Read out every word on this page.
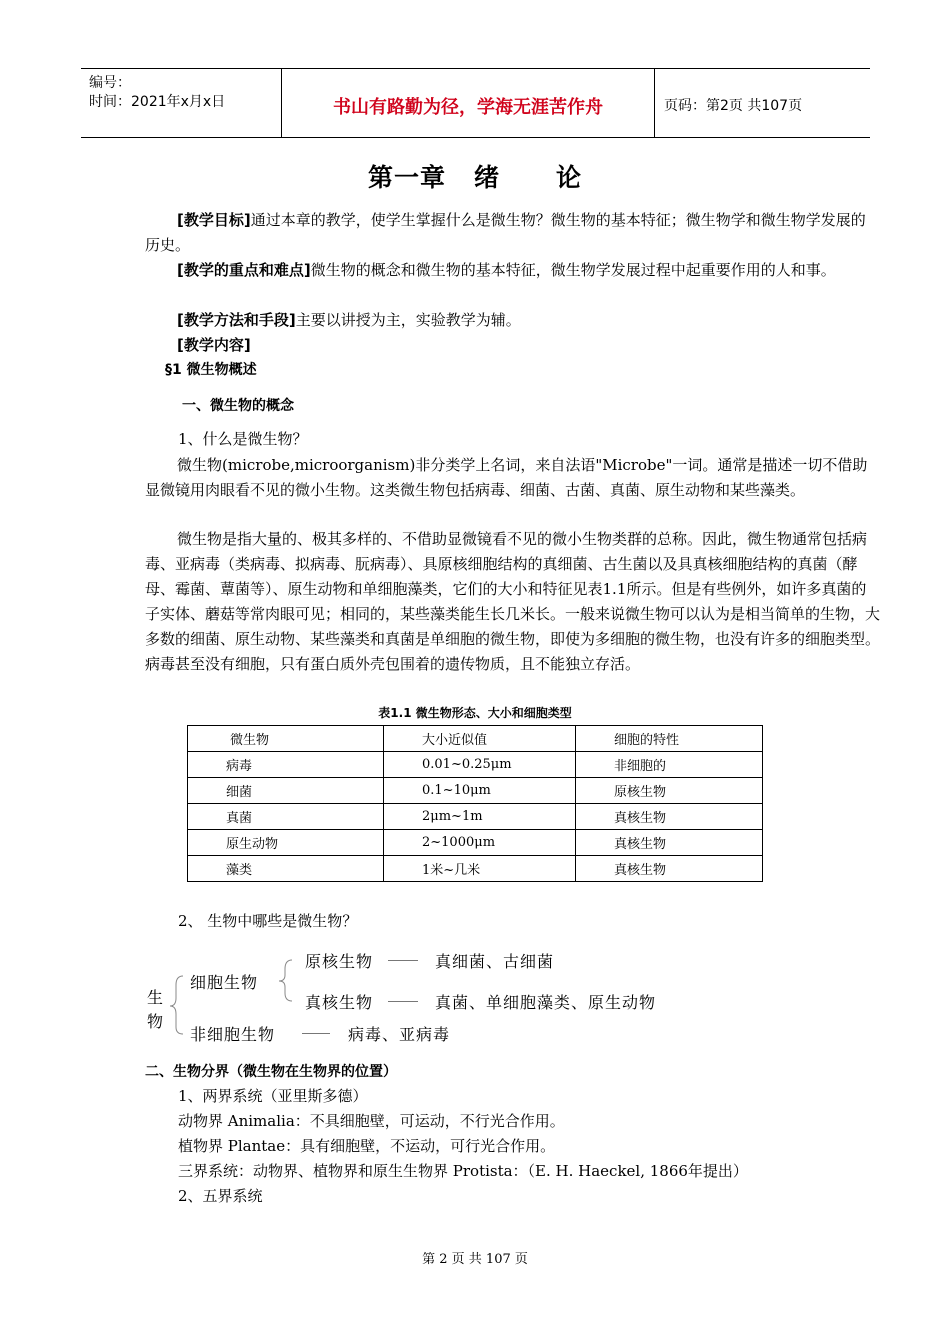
编号：
时间：2021年x月x日	书山有路勤为径，学海无涯苦作舟	页码：第2页 共107页
第一章 绪 论
[教学目标]通过本章的教学，使学生掌握什么是微生物？微生物的基本特征；微生物学和微生物学发展的历史。
[教学的重点和难点]微生物的概念和微生物的基本特征，微生物学发展过程中起重要作用的人和事。
[教学方法和手段]主要以讲授为主，实验教学为辅。
[教学内容]
§1 微生物概述
一、微生物的概念
1、什么是微生物？
微生物(microbe,microorganism)非分类学上名词，来自法语"Microbe"一词。通常是描述一切不借助显微镜用肉眼看不见的微小生物。这类微生物包括病毒、细菌、古菌、真菌、原生动物和某些藻类。
微生物是指大量的、极其多样的、不借助显微镜看不见的微小生物类群的总称。因此，微生物通常包括病毒、亚病毒（类病毒、拟病毒、朊病毒）、具原核细胞结构的真细菌、古生菌以及具真核细胞结构的真菌（酵母、霉菌、蕈菌等）、原生动物和单细胞藻类，它们的大小和特征见表1.1所示。但是有些例外，如许多真菌的子实体、蘑菇等常肉眼可见；相同的，某些藻类能生长几米长。一般来说微生物可以认为是相当简单的生物，大多数的细菌、原生动物、某些藻类和真菌是单细胞的微生物，即使为多细胞的微生物，也没有许多的细胞类型。病毒甚至没有细胞，只有蛋白质外壳包围着的遗传物质，且不能独立存活。
表1.1 微生物形态、大小和细胞类型
微生物	大小近似值	细胞的特性
病毒	0.01~0.25μm	非细胞的
细菌	0.1~10μm	原核生物
真菌	2μm~1m	真核生物
原生动物	2~1000μm	真核生物
藻类	1米~几米	真核生物
2、 生物中哪些是微生物？
生
物
细胞生物
非细胞生物
原核生物
真核生物
真细菌、古细菌
真菌、单细胞藻类、原生动物
病毒、亚病毒
二、生物分界（微生物在生物界的位置）
1、两界系统（亚里斯多德）
动物界 Animalia：不具细胞壁，可运动，不行光合作用。
植物界 Plantae：具有细胞壁，不运动，可行光合作用。
三界系统：动物界、植物界和原生生物界 Protista：（E. H. Haeckel, 1866年提出）
2、五界系统
第 2 页 共 107 页
